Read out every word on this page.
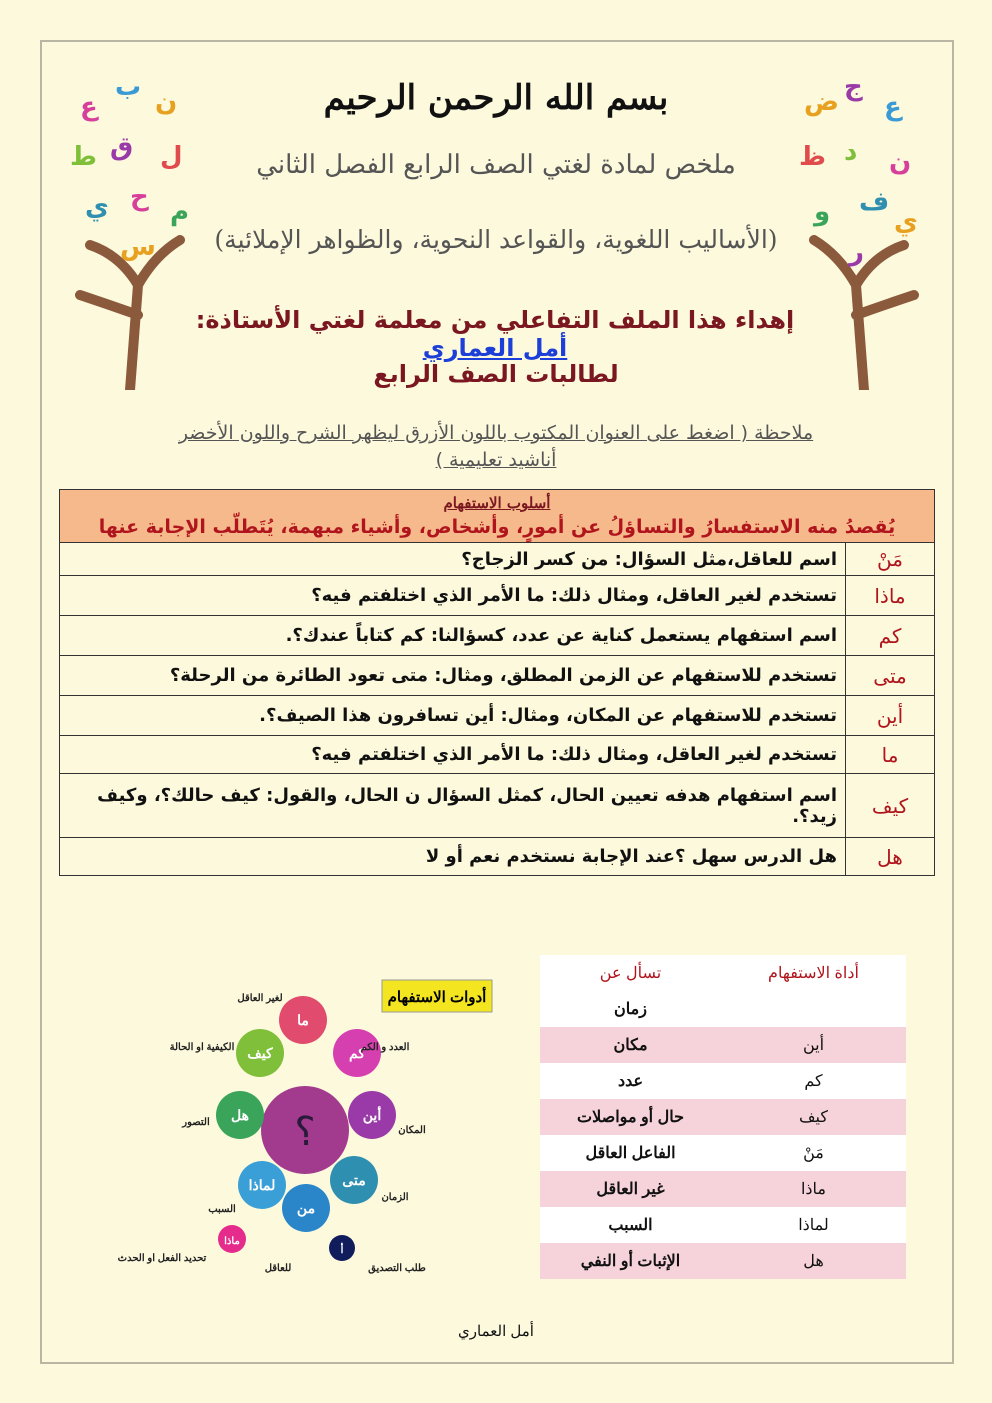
ع
ب ن
ط ق ل
ي ح م
س
ض ج
ع
ظ د ن
و ف
ي
ر
بسم الله الرحمن الرحيم
ملخص لمادة لغتي الصف الرابع الفصل الثاني
(الأساليب اللغوية، والقواعد النحوية، والظواهر الإملائية)
إهداء هذا الملف التفاعلي من معلمة لغتي الأستاذة: أمل العماري
لطالبات الصف الرابع
ملاحظة ( اضغط على العنوان المكتوب باللون الأزرق ليظهر الشرح واللون الأخضر أناشيد تعليمية )
أسلوب الاستفهام
يُقصدُ منه الاستفسارُ والتساؤلُ عن أمورٍ، وأشخاص، وأشياء مبهمة، يُتَطلّب الإجابة عنها	

مَنْ	اسم للعاقل،مثل السؤال: من كسر الزجاج؟
ماذا	تستخدم لغير العاقل، ومثال ذلك: ما الأمر الذي اختلفتم فيه؟
كم	اسم استفهام يستعمل كناية عن عدد، كسؤالنا: كم كتاباً عندك؟.
متى	تستخدم للاستفهام عن الزمن المطلق، ومثال: متى تعود الطائرة من الرحلة؟
أين	تستخدم للاستفهام عن المكان، ومثال: أين تسافرون هذا الصيف؟.
ما	تستخدم لغير العاقل، ومثال ذلك: ما الأمر الذي اختلفتم فيه؟
كيف	اسم استفهام هدفه تعيين الحال، كمثل السؤال ن الحال، والقول: كيف حالك؟، وكيف زيد؟.
هل	هل الدرس سهل ؟عند الإجابة نستخدم نعم أو لا
أدوات الاستفهام
؟
ما
كم
أين
متى
من
لماذا
هل
كيف
أ
ماذا
لغير العاقل
العدد و الكم
الكيفية او الحالة
المكان
التصور
الزمان
السبب
للعاقل	طلب التصديق
تحديد الفعل او الحدث
أداة الاستفهام	تسأل عن
	زمان
أين	مكان
كم	عدد
كيف	حال أو مواصلات
مَنْ	الفاعل العاقل
ماذا	غير العاقل
لماذا	السبب
هل	الإثبات أو النفي
أمل العماري
